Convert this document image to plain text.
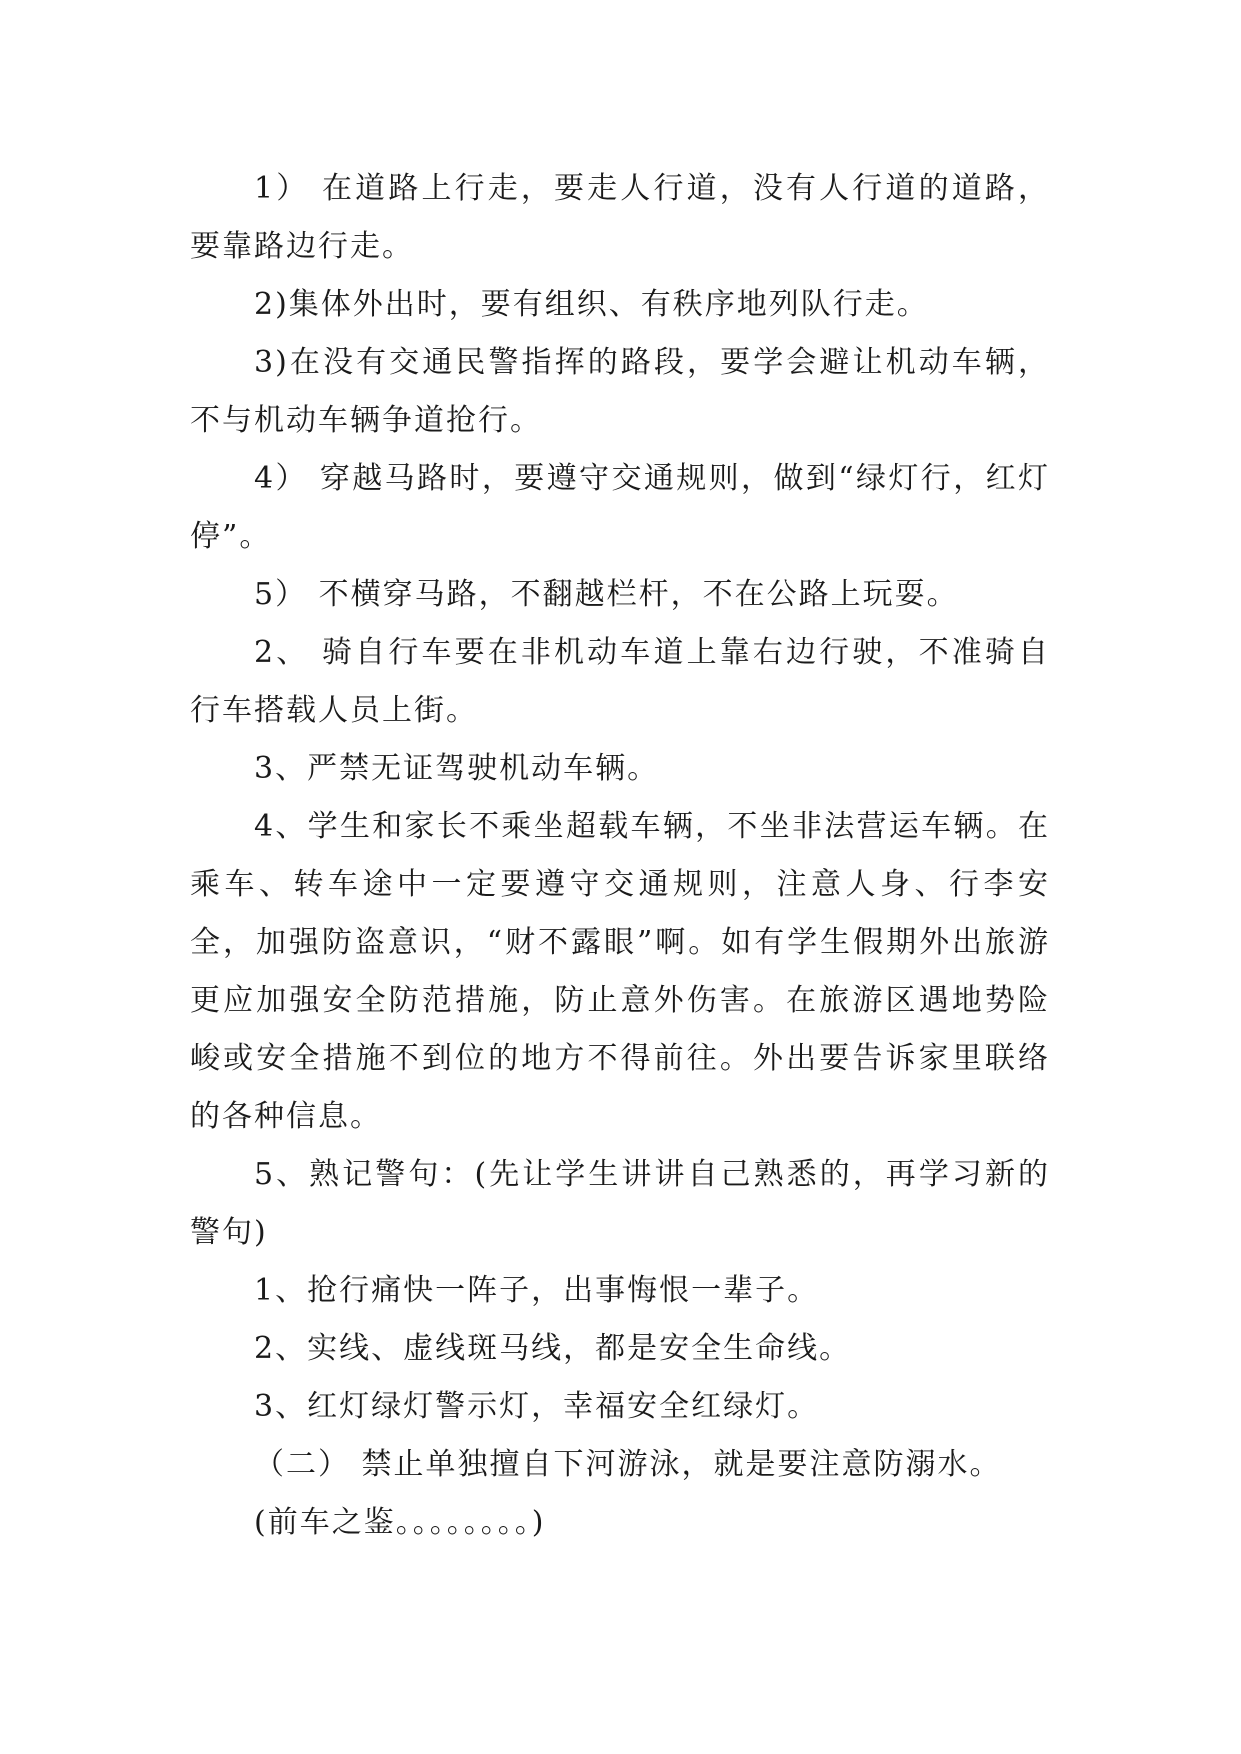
1） 在道路上行走，要走人行道，没有人行道的道路，要靠路边行走。

2)集体外出时，要有组织、有秩序地列队行走。

3)在没有交通民警指挥的路段，要学会避让机动车辆，不与机动车辆争道抢行。

4） 穿越马路时，要遵守交通规则，做到“绿灯行，红灯停”。

5） 不横穿马路，不翻越栏杆，不在公路上玩耍。

2、 骑自行车要在非机动车道上靠右边行驶，不准骑自行车搭载人员上街。

3、严禁无证驾驶机动车辆。

4、学生和家长不乘坐超载车辆，不坐非法营运车辆。在乘车、转车途中一定要遵守交通规则，注意人身、行李安全，加强防盗意识，“财不露眼”啊。如有学生假期外出旅游更应加强安全防范措施，防止意外伤害。在旅游区遇地势险峻或安全措施不到位的地方不得前往。外出要告诉家里联络的各种信息。

5、熟记警句：(先让学生讲讲自己熟悉的，再学习新的警句)

1、抢行痛快一阵子，出事悔恨一辈子。

2、实线、虚线斑马线，都是安全生命线。

3、红灯绿灯警示灯，幸福安全红绿灯。

（二） 禁止单独擅自下河游泳，就是要注意防溺水。

(前车之鉴。。。。。。。。)
